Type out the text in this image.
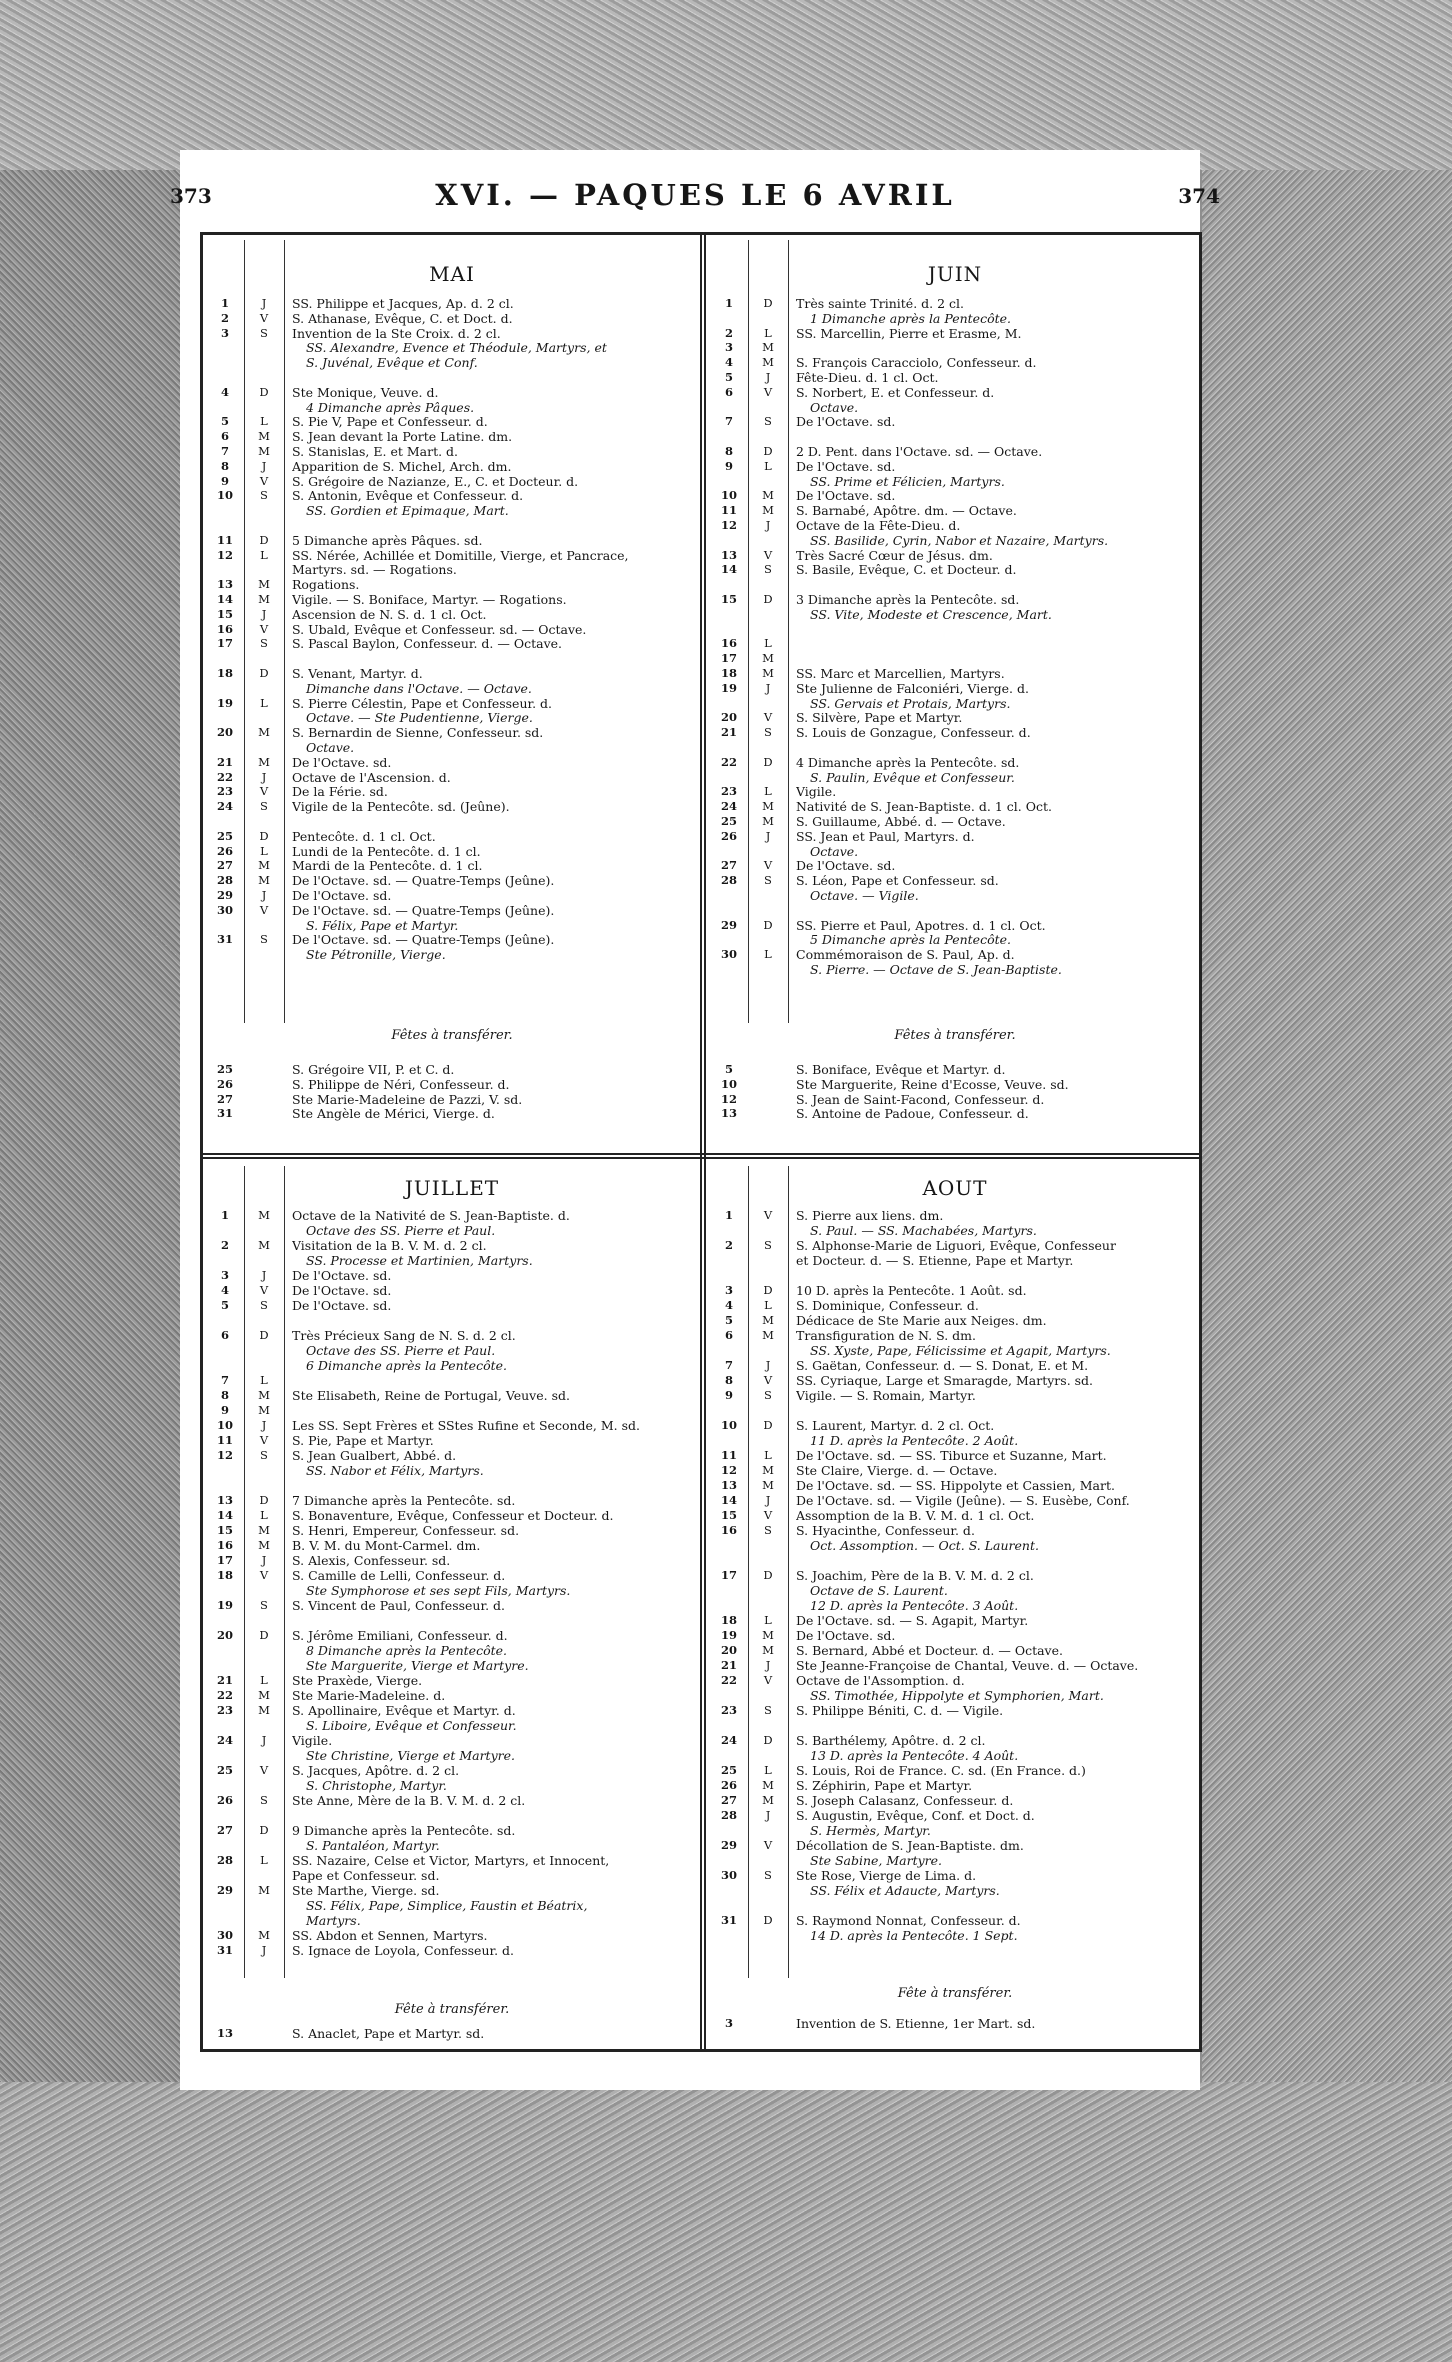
373	XVI. — PAQUES LE 6 AVRIL	374
MAI
1	J	SS. Philippe et Jacques, Ap. d. 2 cl.
2	V	S. Athanase, Evêque, C. et Doct. d.
3	S	Invention de la Ste Croix. d. 2 cl.
SS. Alexandre, Evence et Théodule, Martyrs, et
S. Juvénal, Evêque et Conf.
4	D	Ste Monique, Veuve. d.
4 Dimanche après Pâques.
5	L	S. Pie V, Pape et Confesseur. d.
6	M	S. Jean devant la Porte Latine. dm.
7	M	S. Stanislas, E. et Mart. d.
8	J	Apparition de S. Michel, Arch. dm.
9	V	S. Grégoire de Nazianze, E., C. et Docteur. d.
10	S	S. Antonin, Evêque et Confesseur. d.
SS. Gordien et Epimaque, Mart.
11	D	5 Dimanche après Pâques. sd.
12	L	SS. Nérée, Achillée et Domitille, Vierge, et Pancrace,
Martyrs. sd. — Rogations.
13	M	Rogations.
14	M	Vigile. — S. Boniface, Martyr. — Rogations.
15	J	Ascension de N. S. d. 1 cl. Oct.
16	V	S. Ubald, Evêque et Confesseur. sd. — Octave.
17	S	S. Pascal Baylon, Confesseur. d. — Octave.
18	D	S. Venant, Martyr. d.
Dimanche dans l'Octave. — Octave.
19	L	S. Pierre Célestin, Pape et Confesseur. d.
Octave. — Ste Pudentienne, Vierge.
20	M	S. Bernardin de Sienne, Confesseur. sd.
Octave.
21	M	De l'Octave. sd.
22	J	Octave de l'Ascension. d.
23	V	De la Férie. sd.
24	S	Vigile de la Pentecôte. sd. (Jeûne).
25	D	Pentecôte. d. 1 cl. Oct.
26	L	Lundi de la Pentecôte. d. 1 cl.
27	M	Mardi de la Pentecôte. d. 1 cl.
28	M	De l'Octave. sd. — Quatre-Temps (Jeûne).
29	J	De l'Octave. sd.
30	V	De l'Octave. sd. — Quatre-Temps (Jeûne).
S. Félix, Pape et Martyr.
31	S	De l'Octave. sd. — Quatre-Temps (Jeûne).
Ste Pétronille, Vierge.
Fêtes à transférer.
25	S. Grégoire VII, P. et C. d.
26	S. Philippe de Néri, Confesseur. d.
27	Ste Marie-Madeleine de Pazzi, V. sd.
31	Ste Angèle de Mérici, Vierge. d.
JUIN
1	D	Très sainte Trinité. d. 2 cl.
1 Dimanche après la Pentecôte.
2	L	SS. Marcellin, Pierre et Erasme, M.
3	M
4	M	S. François Caracciolo, Confesseur. d.
5	J	Fête-Dieu. d. 1 cl. Oct.
6	V	S. Norbert, E. et Confesseur. d.
Octave.
7	S	De l'Octave. sd.
8	D	2 D. Pent. dans l'Octave. sd. — Octave.
9	L	De l'Octave. sd.
SS. Prime et Félicien, Martyrs.
10	M	De l'Octave. sd.
11	M	S. Barnabé, Apôtre. dm. — Octave.
12	J	Octave de la Fête-Dieu. d.
SS. Basilide, Cyrin, Nabor et Nazaire, Martyrs.
13	V	Très Sacré Cœur de Jésus. dm.
14	S	S. Basile, Evêque, C. et Docteur. d.
15	D	3 Dimanche après la Pentecôte. sd.
SS. Vite, Modeste et Crescence, Mart.
16	L
17	M
18	M	SS. Marc et Marcellien, Martyrs.
19	J	Ste Julienne de Falconiéri, Vierge. d.
SS. Gervais et Protais, Martyrs.
20	V	S. Silvère, Pape et Martyr.
21	S	S. Louis de Gonzague, Confesseur. d.
22	D	4 Dimanche après la Pentecôte. sd.
S. Paulin, Evêque et Confesseur.
23	L	Vigile.
24	M	Nativité de S. Jean-Baptiste. d. 1 cl. Oct.
25	M	S. Guillaume, Abbé. d. — Octave.
26	J	SS. Jean et Paul, Martyrs. d.
Octave.
27	V	De l'Octave. sd.
28	S	S. Léon, Pape et Confesseur. sd.
Octave. — Vigile.
29	D	SS. Pierre et Paul, Apotres. d. 1 cl. Oct.
5 Dimanche après la Pentecôte.
30	L	Commémoraison de S. Paul, Ap. d.
S. Pierre. — Octave de S. Jean-Baptiste.
Fêtes à transférer.
5	S. Boniface, Evêque et Martyr. d.
10	Ste Marguerite, Reine d'Ecosse, Veuve. sd.
12	S. Jean de Saint-Facond, Confesseur. d.
13	S. Antoine de Padoue, Confesseur. d.
JUILLET
1	M	Octave de la Nativité de S. Jean-Baptiste. d.
Octave des SS. Pierre et Paul.
2	M	Visitation de la B. V. M. d. 2 cl.
SS. Processe et Martinien, Martyrs.
3	J	De l'Octave. sd.
4	V	De l'Octave. sd.
5	S	De l'Octave. sd.
6	D	Très Précieux Sang de N. S. d. 2 cl.
Octave des SS. Pierre et Paul.
6 Dimanche après la Pentecôte.
7	L
8	M	Ste Elisabeth, Reine de Portugal, Veuve. sd.
9	M
10	J	Les SS. Sept Frères et SStes Rufine et Seconde, M. sd.
11	V	S. Pie, Pape et Martyr.
12	S	S. Jean Gualbert, Abbé. d.
SS. Nabor et Félix, Martyrs.
13	D	7 Dimanche après la Pentecôte. sd.
14	L	S. Bonaventure, Evêque, Confesseur et Docteur. d.
15	M	S. Henri, Empereur, Confesseur. sd.
16	M	B. V. M. du Mont-Carmel. dm.
17	J	S. Alexis, Confesseur. sd.
18	V	S. Camille de Lelli, Confesseur. d.
Ste Symphorose et ses sept Fils, Martyrs.
19	S	S. Vincent de Paul, Confesseur. d.
20	D	S. Jérôme Emiliani, Confesseur. d.
8 Dimanche après la Pentecôte.
Ste Marguerite, Vierge et Martyre.
21	L	Ste Praxède, Vierge.
22	M	Ste Marie-Madeleine. d.
23	M	S. Apollinaire, Evêque et Martyr. d.
S. Liboire, Evêque et Confesseur.
24	J	Vigile.
Ste Christine, Vierge et Martyre.
25	V	S. Jacques, Apôtre. d. 2 cl.
S. Christophe, Martyr.
26	S	Ste Anne, Mère de la B. V. M. d. 2 cl.
27	D	9 Dimanche après la Pentecôte. sd.
S. Pantaléon, Martyr.
28	L	SS. Nazaire, Celse et Victor, Martyrs, et Innocent,
Pape et Confesseur. sd.
29	M	Ste Marthe, Vierge. sd.
SS. Félix, Pape, Simplice, Faustin et Béatrix,
Martyrs.
30	M	SS. Abdon et Sennen, Martyrs.
31	J	S. Ignace de Loyola, Confesseur. d.
Fête à transférer.
13	S. Anaclet, Pape et Martyr. sd.
AOUT
1	V	S. Pierre aux liens. dm.
S. Paul. — SS. Machabées, Martyrs.
2	S	S. Alphonse-Marie de Liguori, Evêque, Confesseur
et Docteur. d. — S. Etienne, Pape et Martyr.
3	D	10 D. après la Pentecôte. 1 Août. sd.
4	L	S. Dominique, Confesseur. d.
5	M	Dédicace de Ste Marie aux Neiges. dm.
6	M	Transfiguration de N. S. dm.
SS. Xyste, Pape, Félicissime et Agapit, Martyrs.
7	J	S. Gaëtan, Confesseur. d. — S. Donat, E. et M.
8	V	SS. Cyriaque, Large et Smaragde, Martyrs. sd.
9	S	Vigile. — S. Romain, Martyr.
10	D	S. Laurent, Martyr. d. 2 cl. Oct.
11 D. après la Pentecôte. 2 Août.
11	L	De l'Octave. sd. — SS. Tiburce et Suzanne, Mart.
12	M	Ste Claire, Vierge. d. — Octave.
13	M	De l'Octave. sd. — SS. Hippolyte et Cassien, Mart.
14	J	De l'Octave. sd. — Vigile (Jeûne). — S. Eusèbe, Conf.
15	V	Assomption de la B. V. M. d. 1 cl. Oct.
16	S	S. Hyacinthe, Confesseur. d.
Oct. Assomption. — Oct. S. Laurent.
17	D	S. Joachim, Père de la B. V. M. d. 2 cl.
Octave de S. Laurent.
12 D. après la Pentecôte. 3 Août.
18	L	De l'Octave. sd. — S. Agapit, Martyr.
19	M	De l'Octave. sd.
20	M	S. Bernard, Abbé et Docteur. d. — Octave.
21	J	Ste Jeanne-Françoise de Chantal, Veuve. d. — Octave.
22	V	Octave de l'Assomption. d.
SS. Timothée, Hippolyte et Symphorien, Mart.
23	S	S. Philippe Béniti, C. d. — Vigile.
24	D	S. Barthélemy, Apôtre. d. 2 cl.
13 D. après la Pentecôte. 4 Août.
25	L	S. Louis, Roi de France. C. sd. (En France. d.)
26	M	S. Zéphirin, Pape et Martyr.
27	M	S. Joseph Calasanz, Confesseur. d.
28	J	S. Augustin, Evêque, Conf. et Doct. d.
S. Hermès, Martyr.
29	V	Décollation de S. Jean-Baptiste. dm.
Ste Sabine, Martyre.
30	S	Ste Rose, Vierge de Lima. d.
SS. Félix et Adaucte, Martyrs.
31	D	S. Raymond Nonnat, Confesseur. d.
14 D. après la Pentecôte. 1 Sept.
Fête à transférer.
3	Invention de S. Etienne, 1er Mart. sd.
